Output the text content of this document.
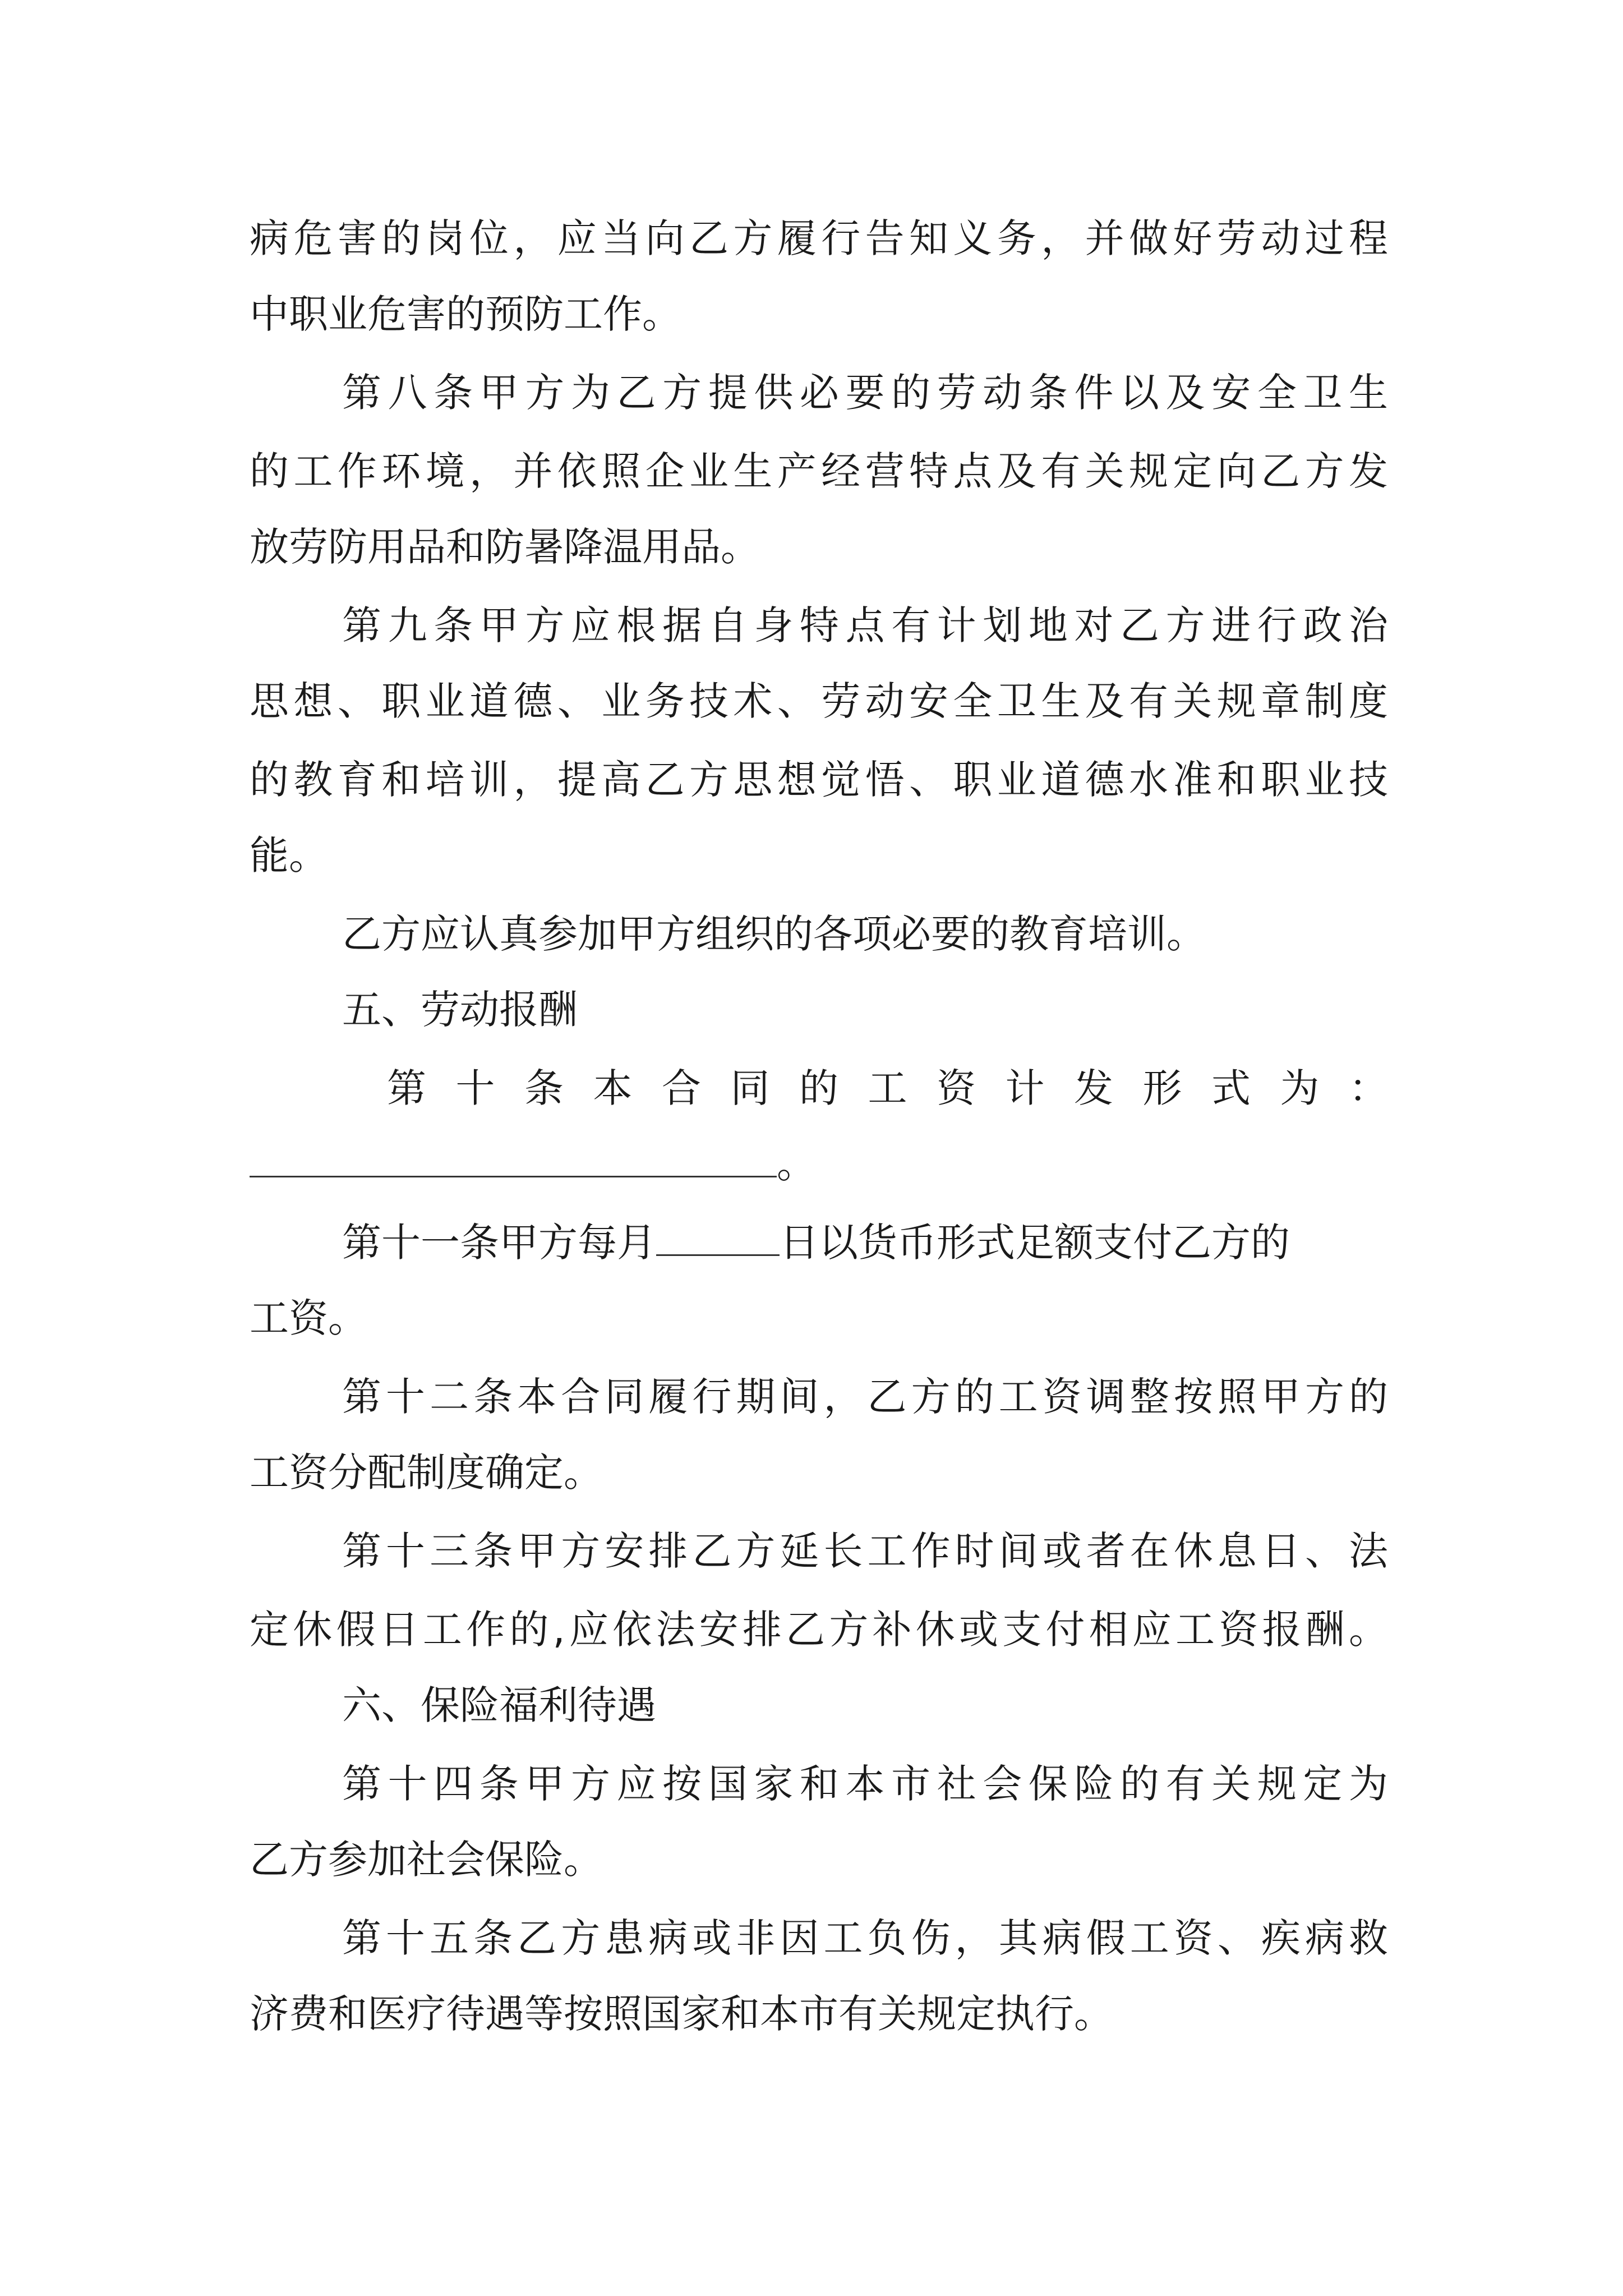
病危害的岗位，应当向乙方履行告知义务，并做好劳动过程
中职业危害的预防工作。
第八条甲方为乙方提供必要的劳动条件以及安全卫生
的工作环境，并依照企业生产经营特点及有关规定向乙方发
放劳防用品和防暑降温用品。
第九条甲方应根据自身特点有计划地对乙方进行政治
思想、职业道德、业务技术、劳动安全卫生及有关规章制度
的教育和培训，提高乙方思想觉悟、职业道德水准和职业技
能。
乙方应认真参加甲方组织的各项必要的教育培训。
五、劳动报酬
第十条本合同的工资计发形式为：
。
第十一条甲方每月	日以货币形式足额支付乙方的
工资。
第十二条本合同履行期间，乙方的工资调整按照甲方的
工资分配制度确定。
第十三条甲方安排乙方延长工作时间或者在休息日、法
定休假日工作的,应依法安排乙方补休或支付相应工资报酬。
六、保险福利待遇
第十四条甲方应按国家和本市社会保险的有关规定为
乙方参加社会保险。
第十五条乙方患病或非因工负伤，其病假工资、疾病救
济费和医疗待遇等按照国家和本市有关规定执行。
